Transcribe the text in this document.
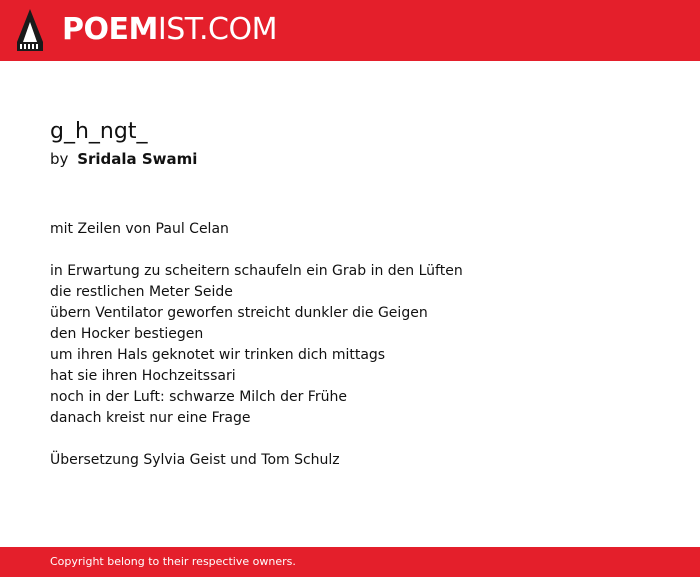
POEMIST.COM
g_h_ngt_
by Sridala Swami
mit Zeilen von Paul Celan
in Erwartung zu scheitern schaufeln ein Grab in den Lüften
die restlichen Meter Seide
übern Ventilator geworfen streicht dunkler die Geigen
den Hocker bestiegen
um ihren Hals geknotet wir trinken dich mittags
hat sie ihren Hochzeitssari
noch in der Luft: schwarze Milch der Frühe
danach kreist nur eine Frage
Übersetzung Sylvia Geist und Tom Schulz
Copyright belong to their respective owners.
